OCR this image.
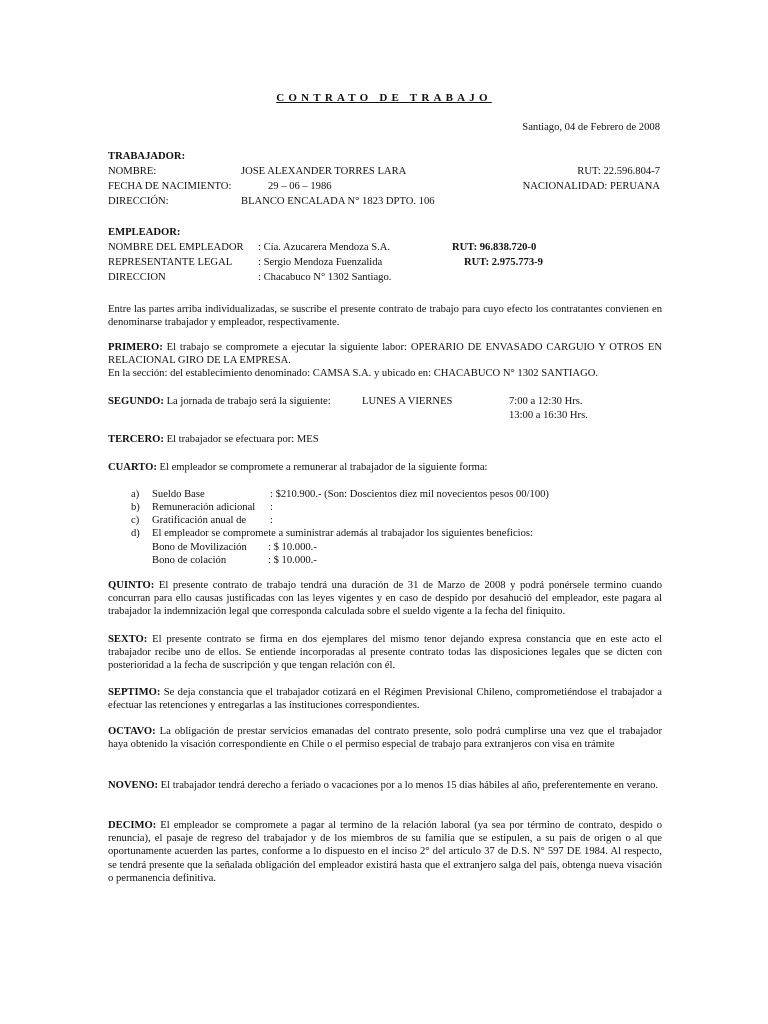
CONTRATO DE TRABAJO
Santiago, 04 de Febrero de 2008
TRABAJADOR:
NOMBRE:	JOSE ALEXANDER TORRES LARA	RUT: 22.596.804-7
FECHA DE NACIMIENTO:	29 – 06 – 1986	NACIONALIDAD: PERUANA
DIRECCIÓN:	BLANCO ENCALADA N° 1823 DPTO. 106
EMPLEADOR:
NOMBRE DEL EMPLEADOR : Cía. Azucarera Mendoza S.A.	RUT: 96.838.720-0
REPRESENTANTE LEGAL : Sergio Mendoza Fuenzalida	RUT: 2.975.773-9
DIRECCION	: Chacabuco N° 1302 Santiago.

Entre las partes arriba individualizadas, se suscribe el presente contrato de trabajo para cuyo efecto los contratantes convienen en denominarse trabajador y empleador, respectivamente.

PRIMERO: El trabajo se compromete a ejecutar la siguiente labor: OPERARIO DE ENVASADO CARGUIO Y OTROS EN RELACIONAL GIRO DE LA EMPRESA.

En la sección: del establecimiento denominado: CAMSA S.A. y ubicado en: CHACABUCO N° 1302 SANTIAGO.

SEGUNDO: La jornada de trabajo será la siguiente:	LUNES A VIERNES	7:00 a 12:30 Hrs.
13:00 a 16:30 Hrs.
TERCERO: El trabajador se efectuara por: MES
CUARTO: El empleador se compromete a remunerar al trabajador de la siguiente forma:
a) Sueldo Base	: $210.900.- (Son: Doscientos diez mil novecientos pesos 00/100)
b) Remuneración adicional :
c) Gratificación anual de :
d) El empleador se compromete a suministrar además al trabajador los siguientes beneficios:
Bono de Movilización : $ 10.000.-
Bono de colación	: $ 10.000.-

QUINTO: El presente contrato de trabajo tendrá una duración de 31 de Marzo de 2008 y podrá ponérsele termino cuando concurran para ello causas justificadas con las leyes vigentes y en caso de despido por desahució del empleador, este pagara al trabajador la indemnización legal que corresponda calculada sobre el sueldo vigente a la fecha del finiquito.

SEXTO: El presente contrato se firma en dos ejemplares del mismo tenor dejando expresa constancia que en este acto el trabajador recibe uno de ellos. Se entiende incorporadas al presente contrato todas las disposiciones legales que se dicten con posterioridad a la fecha de suscripción y que tengan relación con él.

SEPTIMO: Se deja constancia que el trabajador cotizará en el Régimen Previsional Chileno, comprometiéndose el trabajador a efectuar las retenciones y entregarlas a las instituciones correspondientes.

OCTAVO: La obligación de prestar servicios emanadas del contrato presente, solo podrá cumplirse una vez que el trabajador haya obtenido la visación correspondiente en Chile o el permiso especial de trabajo para extranjeros con visa en trámite

NOVENO: El trabajador tendrá derecho a feriado o vacaciones por a lo menos 15 días hábiles al año, preferentemente en verano.

DECIMO: El empleador se compromete a pagar al termino de la relación laboral (ya sea por término de contrato, despido o renuncia), el pasaje de regreso del trabajador y de los miembros de su familia que se estipulen, a su país de origen o al que oportunamente acuerden las partes, conforme a lo dispuesto en el inciso 2° del artículo 37 de D.S. N° 597 DE 1984. Al respecto, se tendrá presente que la señalada obligación del empleador existirá hasta que el extranjero salga del país, obtenga nueva visación o permanencia definitiva.
